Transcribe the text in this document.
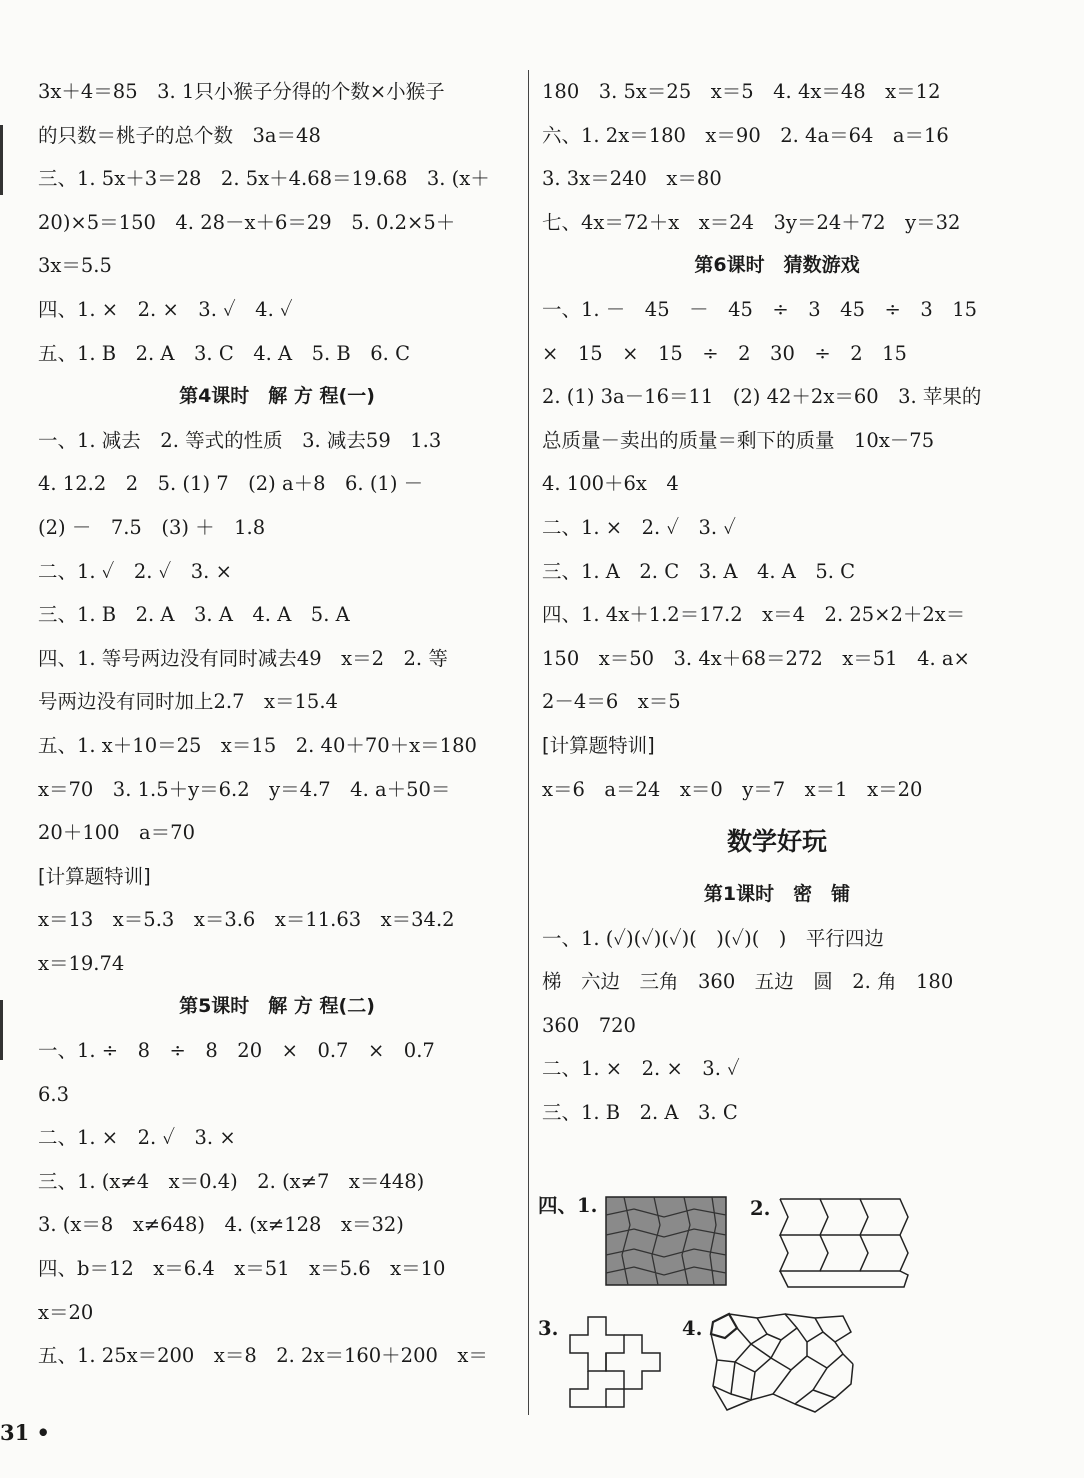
3x＋4＝85　3. 1只小猴子分得的个数×小猴子
的只数＝桃子的总个数　3a＝48
三、1. 5x＋3＝28　2. 5x＋4.68＝19.68　3. (x＋
20)×5＝150　4. 28－x＋6＝29　5. 0.2×5＋
3x＝5.5
四、1. ×　2. ×　3. ✓　4. ✓
五、1. B　2. A　3. C　4. A　5. B　6. C
第4课时　解 方 程(一)
一、1. 减去　2. 等式的性质　3. 减去59　1.3
4. 12.2　2　5. (1) 7　(2) a＋8　6. (1) －
(2) －　7.5　(3) ＋　1.8
二、1. ✓　2. ✓　3. ×
三、1. B　2. A　3. A　4. A　5. A
四、1. 等号两边没有同时减去49　x＝2　2. 等
号两边没有同时加上2.7　x＝15.4
五、1. x＋10＝25　x＝15　2. 40＋70＋x＝180
x＝70　3. 1.5＋y＝6.2　y＝4.7　4. a＋50＝
20＋100　a＝70
[计算题特训]
x＝13　x＝5.3　x＝3.6　x＝11.63　x＝34.2
x＝19.74
第5课时　解 方 程(二)
一、1. ÷　8　÷　8　20　×　0.7　×　0.7
6.3
二、1. ×　2. ✓　3. ×
三、1. (x≠4　x＝0.4)　2. (x≠7　x＝448)
3. (x＝8　x≠648)　4. (x≠128　x＝32)
四、b＝12　x＝6.4　x＝51　x＝5.6　x＝10
x＝20
五、1. 25x＝200　x＝8　2. 2x＝160＋200　x＝
180　3. 5x＝25　x＝5　4. 4x＝48　x＝12
六、1. 2x＝180　x＝90　2. 4a＝64　a＝16
3. 3x＝240　x＝80
七、4x＝72＋x　x＝24　3y＝24＋72　y＝32
第6课时　猜数游戏
一、1. －　45　－　45　÷　3　45　÷　3　15
×　15　×　15　÷　2　30　÷　2　15
2. (1) 3a－16＝11　(2) 42＋2x＝60　3. 苹果的
总质量－卖出的质量＝剩下的质量　10x－75
4. 100＋6x　4
二、1. ×　2. ✓　3. ✓
三、1. A　2. C　3. A　4. A　5. C
四、1. 4x＋1.2＝17.2　x＝4　2. 25×2＋2x＝
150　x＝50　3. 4x＋68＝272　x＝51　4. a×
2－4＝6　x＝5
[计算题特训]
x＝6　a＝24　x＝0　y＝7　x＝1　x＝20
数学好玩
第1课时　密　铺
一、1. (✓)(✓)(✓)(　)(✓)(　)　平行四边
梯　六边　三角　360　五边　圆　2. 角　180
360　720
二、1. ×　2. ×　3. ✓
三、1. B　2. A　3. C
四、1.	2.
3.	4.
31 •
